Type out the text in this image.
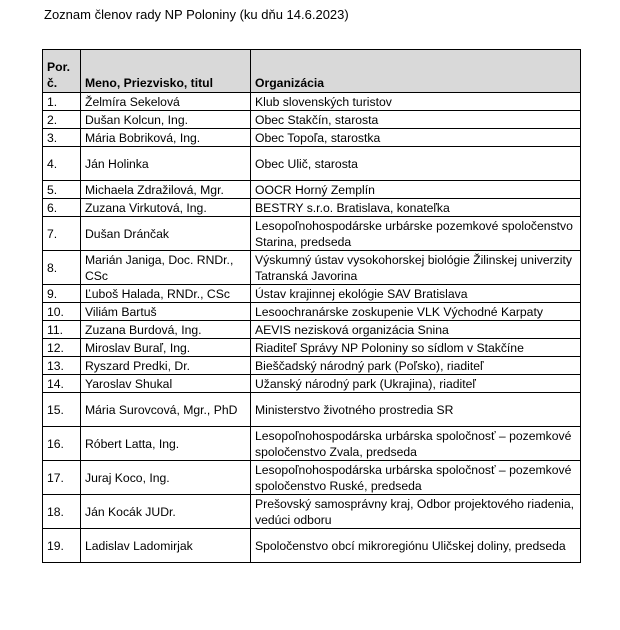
Zoznam členov rady NP Poloniny (ku dňu 14.6.2023)
Por. č.	Meno, Priezvisko, titul	Organizácia
1.	Želmíra Sekelová	Klub slovenských turistov
2.	Dušan Kolcun, Ing.	Obec Stakčín, starosta
3.	Mária Bobriková, Ing.	Obec Topoľa, starostka
4.	Ján Holinka	Obec Ulič, starosta
5.	Michaela Zdražilová, Mgr.	OOCR Horný Zemplín
6.	Zuzana Virkutová, Ing.	BESTRY s.r.o. Bratislava, konateľka
7.	Dušan Dránčak	Lesopoľnohospodárske urbárske pozemkové spoločenstvo Starina, predseda
8.	Marián Janiga, Doc. RNDr., CSc	Výskumný ústav vysokohorskej biológie Žilinskej univerzity Tatranská Javorina
9.	Ľuboš Halada, RNDr., CSc	Ústav krajinnej ekológie SAV Bratislava
10.	Viliám Bartuš	Lesoochranárske zoskupenie VLK Východné Karpaty
11.	Zuzana Burdová, Ing.	AEVIS nezisková organizácia Snina
12.	Miroslav Buraľ, Ing.	Riaditeľ Správy NP Poloniny so sídlom v Stakčíne
13.	Ryszard Predki, Dr.	Bieščadský národný park (Poľsko), riaditeľ
14.	Yaroslav Shukal	Užanský národný park (Ukrajina), riaditeľ
15.	Mária Surovcová, Mgr., PhD	Ministerstvo životného prostredia SR
16.	Róbert Latta, Ing.	Lesopoľnohospodárska urbárska spoločnosť – pozemkové spoločenstvo Zvala, predseda
17.	Juraj Koco, Ing.	Lesopoľnohospodárska urbárska spoločnosť – pozemkové spoločenstvo Ruské, predseda
18.	Ján Kocák JUDr.	Prešovský samosprávny kraj, Odbor projektového riadenia, vedúci odboru
19.	Ladislav Ladomirjak	Spoločenstvo obcí mikroregiónu Uličskej doliny, predseda
